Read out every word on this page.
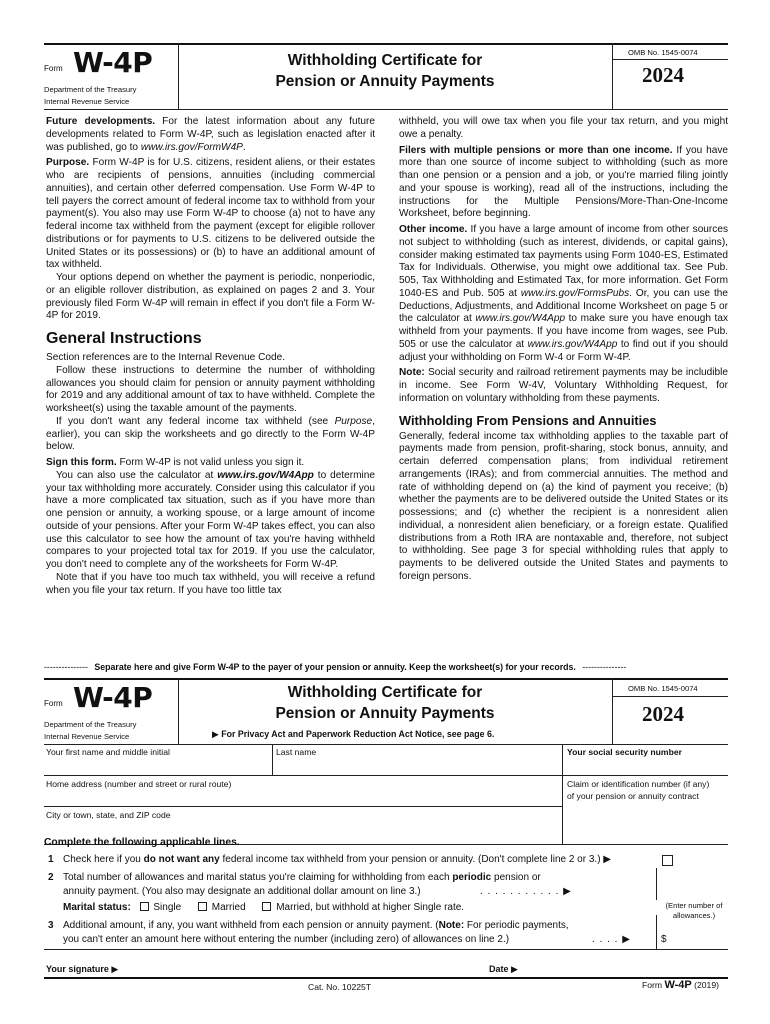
Form W-4P
Department of the Treasury
Internal Revenue Service
Withholding Certificate for
Pension or Annuity Payments
OMB No. 1545-0074
2024

Future developments. For the latest information about any future developments related to Form W-4P, such as legislation enacted after it was published, go to www.irs.gov/FormW4P.

Purpose. Form W-4P is for U.S. citizens, resident aliens, or their estates who are recipients of pensions, annuities (including commercial annuities), and certain other deferred compensation. Use Form W-4P to tell payers the correct amount of federal income tax to withhold from your payment(s). You also may use Form W-4P to choose (a) not to have any federal income tax withheld from the payment (except for eligible rollover distributions or for payments to U.S. citizens to be delivered outside the United States or its possessions) or (b) to have an additional amount of tax withheld.

Your options depend on whether the payment is periodic, nonperiodic, or an eligible rollover distribution, as explained on pages 2 and 3. Your previously filed Form W-4P will remain in effect if you don't file a Form W-4P for 2019.

General Instructions

Section references are to the Internal Revenue Code.

Follow these instructions to determine the number of withholding allowances you should claim for pension or annuity payment withholding for 2019 and any additional amount of tax to have withheld. Complete the worksheet(s) using the taxable amount of the payments.

If you don't want any federal income tax withheld (see Purpose, earlier), you can skip the worksheets and go directly to the Form W-4P below.

Sign this form. Form W-4P is not valid unless you sign it.

You can also use the calculator at www.irs.gov/W4App to determine your tax withholding more accurately. Consider using this calculator if you have a more complicated tax situation, such as if you have more than one pension or annuity, a working spouse, or a large amount of income outside of your pensions. After your Form W-4P takes effect, you can also use this calculator to see how the amount of tax you're having withheld compares to your projected total tax for 2019. If you use the calculator, you don't need to complete any of the worksheets for Form W-4P.

Note that if you have too much tax withheld, you will receive a refund when you file your tax return. If you have too little tax

withheld, you will owe tax when you file your tax return, and you might owe a penalty.

Filers with multiple pensions or more than one income. If you have more than one source of income subject to withholding (such as more than one pension or a pension and a job, or you're married filing jointly and your spouse is working), read all of the instructions, including the instructions for the Multiple Pensions/More-Than-One-Income Worksheet, before beginning.

Other income. If you have a large amount of income from other sources not subject to withholding (such as interest, dividends, or capital gains), consider making estimated tax payments using Form 1040-ES, Estimated Tax for Individuals. Otherwise, you might owe additional tax. See Pub. 505, Tax Withholding and Estimated Tax, for more information. Get Form 1040-ES and Pub. 505 at www.irs.gov/FormsPubs. Or, you can use the Deductions, Adjustments, and Additional Income Worksheet on page 5 or the calculator at www.irs.gov/W4App to make sure you have enough tax withheld from your payments. If you have income from wages, see Pub. 505 or use the calculator at www.irs.gov/W4App to find out if you should adjust your withholding on Form W-4 or Form W-4P.

Note: Social security and railroad retirement payments may be includible in income. See Form W-4V, Voluntary Withholding Request, for information on voluntary withholding from these payments.

Withholding From Pensions and Annuities

Generally, federal income tax withholding applies to the taxable part of payments made from pension, profit-sharing, stock bonus, annuity, and certain deferred compensation plans; from individual retirement arrangements (IRAs); and from commercial annuities. The method and rate of withholding depend on (a) the kind of payment you receive; (b) whether the payments are to be delivered outside the United States or its possessions; and (c) whether the recipient is a nonresident alien individual, a nonresident alien beneficiary, or a foreign estate. Qualified distributions from a Roth IRA are nontaxable and, therefore, not subject to withholding. See page 3 for special withholding rules that apply to payments to be delivered outside the United States and payments to foreign persons.

--------------- Separate here and give Form W-4P to the payer of your pension or annuity. Keep the worksheet(s) for your records. ---------------
Form W-4P
Department of the Treasury
Internal Revenue Service
Withholding Certificate for
Pension or Annuity Payments
▶ For Privacy Act and Paperwork Reduction Act Notice, see page 6.
OMB No. 1545-0074
2024
Your first name and middle initial	Last name	Your social security number
Home address (number and street or rural route)	Claim or identification number (if any) of your pension or annuity contract
City or town, state, and ZIP code
Complete the following applicable lines.
1 Check here if you do not want any federal income tax withheld from your pension or annuity. (Don't complete line 2 or 3.) ▶
2 Total number of allowances and marital status you're claiming for withholding from each periodic pension or
annuity payment. (You also may designate an additional dollar amount on line 3.)	. . . . . . . . . . . ▶
(Enter number of allowances.)
Marital status: Single	Married	Married, but withhold at higher Single rate.
3 Additional amount, if any, you want withheld from each pension or annuity payment. (Note: For periodic payments,
you can't enter an amount here without entering the number (including zero) of allowances on line 2.)	. . . . ▶	$
Your signature ▶	Date ▶
Cat. No. 10225T	Form W-4P (2019)
